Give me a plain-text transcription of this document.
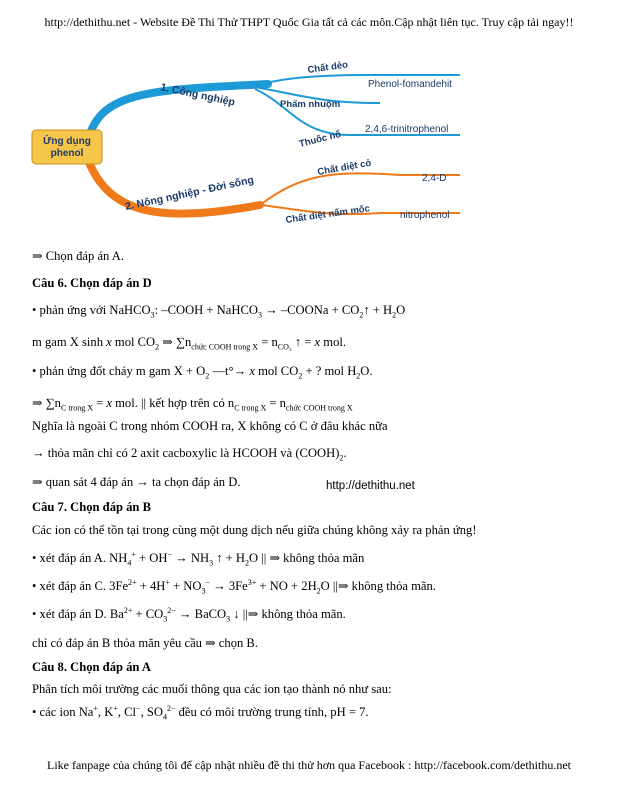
http://dethithu.net - Website Đề Thi Thử THPT Quốc Gia tất cả các môn.Cập nhật liên tục. Truy cập tải ngay!!
Ứng dụng
phenol
1. Công nghiệp
2. Nông nghiệp - Đời sống
Chất dẻo
Phenol-fomandehit
Phẩm nhuộm
Thuốc nổ 2,4,6-trinitrophenol
Chất diệt cỏ
2,4-D
Chất diệt nấm mốc	nitrophenol
⇒ Chọn đáp án A.
Câu 6. Chọn đáp án D
• phản ứng với NaHCO$_3$: –COOH + NaHCO$_3$ → –COONa + $CO_2↑ + H_2O$
m gam X sinh x mol $CO_2$ ⇒ $\sum n_{chức COOH trong X} = n_{CO_2}$ ↑ = x mol.
• phản ứng đốt cháy m gam $X + O_2$ —t°→ x mol $CO_2$ + ? mol $H_2O$.
⇒ $\sum n_{C trong X} = x$ mol. || kết hợp trên có $n_{C trong X} = n_{chức COOH trong X}$
Nghĩa là ngoài C trong nhóm COOH ra, X không có C ở đâu khác nữa
→ thỏa mãn chỉ có 2 axit cacboxylic là HCOOH và $(COOH)_2$.
⇒ quan sát 4 đáp án → ta chọn đáp án D.	http://dethithu.net
Câu 7. Chọn đáp án B
Các ion có thể tồn tại trong cùng một dung dịch nếu giữa chúng không xảy ra phản ứng!
• xét đáp án A. $NH_4^+ + OH^- \to NH_3$ ↑ + $H_2O$ || ⇒ không thỏa mãn
• xét đáp án C. $3Fe^{2+} + 4H^+ + NO_3^- \to 3Fe^{3+}$ + NO + $2H_2O$ ||⇒ không thỏa mãn.
• xét đáp án D. $Ba^{2+} + CO_3^{2-}$ → BaCO$_3$ ↓ ||⇒ không thỏa mãn.
chỉ có đáp án B thỏa mãn yêu cầu ⇒ chọn B.
Câu 8. Chọn đáp án A
Phân tích môi trường các muối thông qua các ion tạo thành nó như sau:
• các ion Na+, K+, Cl−, $SO_4^{2-}$ đều có môi trường trung tính, pH = 7.
Like fanpage của chúng tôi để cập nhật nhiều đề thi thử hơn qua Facebook : http://facebook.com/dethithu.net
